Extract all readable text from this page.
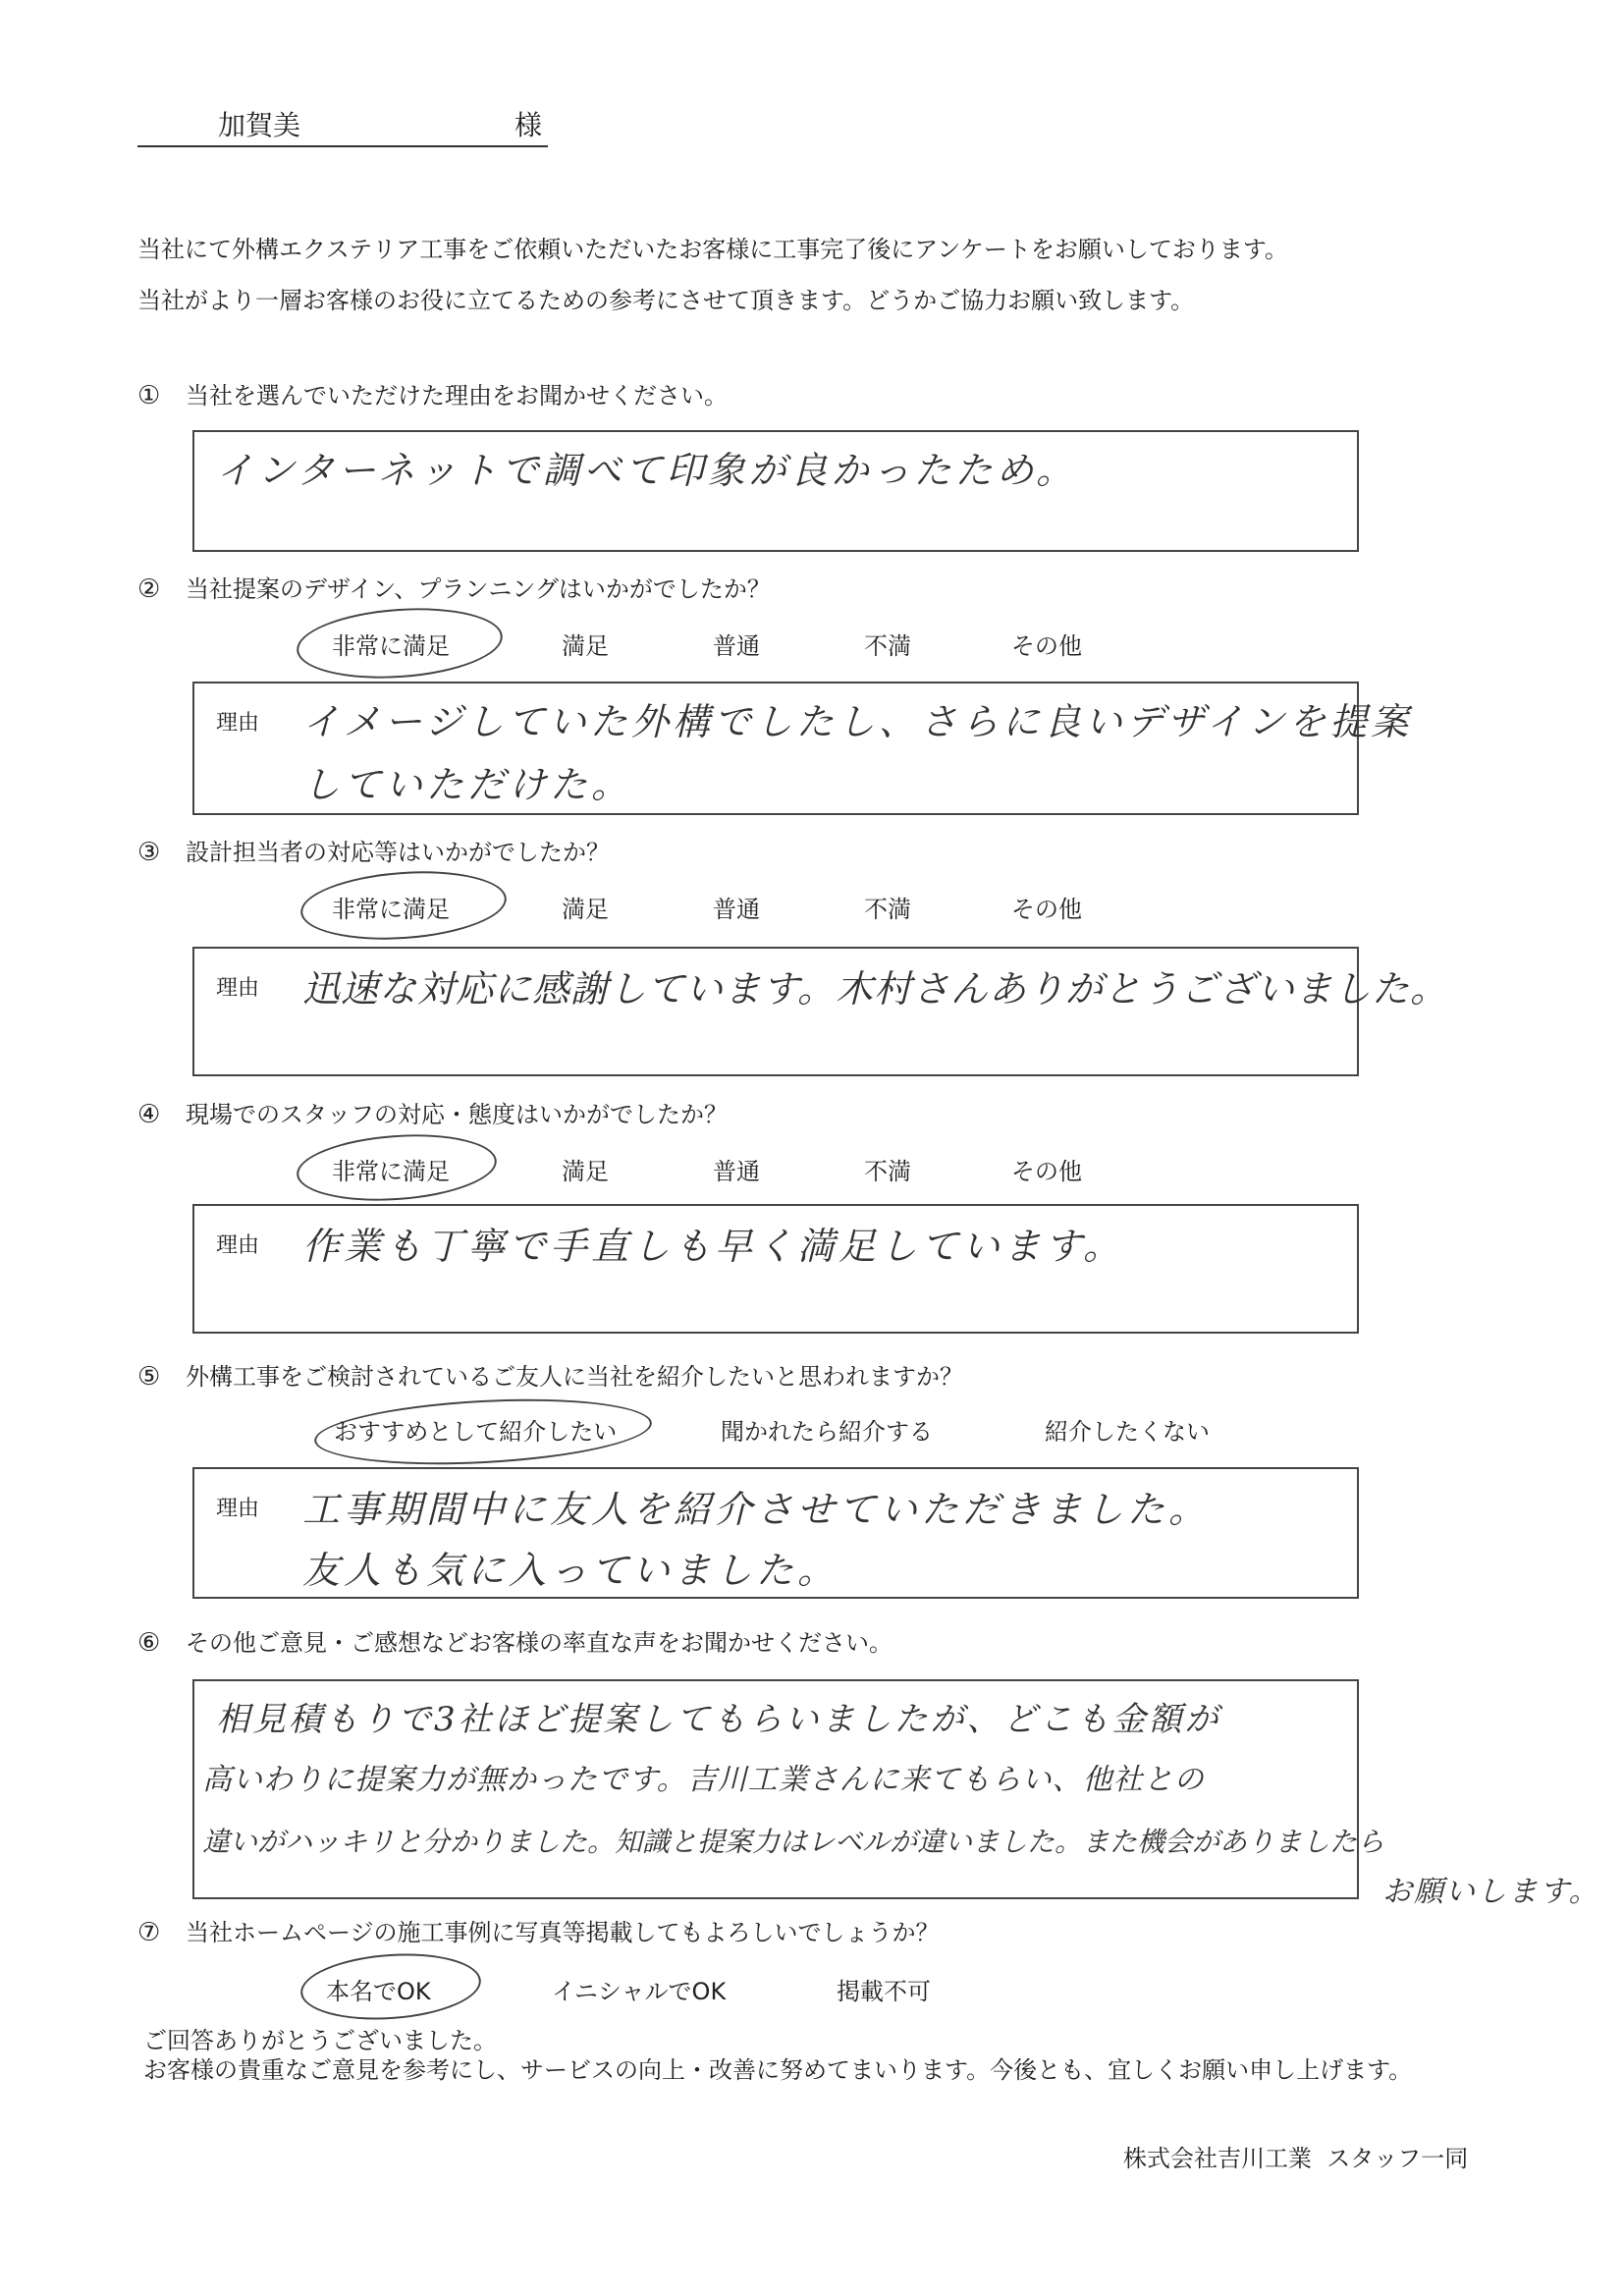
加賀美	様
当社にて外構エクステリア工事をご依頼いただいたお客様に工事完了後にアンケートをお願いしております。
当社がより一層お客様のお役に立てるための参考にさせて頂きます。どうかご協力お願い致します。
① 当社を選んでいただけた理由をお聞かせください。
インターネットで調べて印象が良かったため。
② 当社提案のデザイン、プランニングはいかがでしたか？
非常に満足	満足	普通	不満	その他
理由 イメージしていた外構でしたし、さらに良いデザインを提案
していただけた。
③ 設計担当者の対応等はいかがでしたか？
非常に満足	満足	普通	不満	その他
理由 迅速な対応に感謝しています。木村さんありがとうございました。
④ 現場でのスタッフの対応・態度はいかがでしたか？
非常に満足	満足	普通	不満	その他
作業も丁寧で手直しも早く満足しています。
理由
⑤ 外構工事をご検討されているご友人に当社を紹介したいと思われますか？
おすすめとして紹介したい	聞かれたら紹介する	紹介したくない
理由 工事期間中に友人を紹介させていただきました。
友人も気に入っていました。
⑥ その他ご意見・ご感想などお客様の率直な声をお聞かせください。
相見積もりで3社ほど提案してもらいましたが、どこも金額が
高いわりに提案力が無かったです。吉川工業さんに来てもらい、他社との
違いがハッキリと分かりました。知識と提案力はレベルが違いました。また機会がありましたら
お願いします。
⑦ 当社ホームページの施工事例に写真等掲載してもよろしいでしょうか？
本名でOK	イニシャルでOK	掲載不可
ご回答ありがとうございました。
お客様の貴重なご意見を参考にし、サービスの向上・改善に努めてまいります。今後とも、宜しくお願い申し上げます。
株式会社吉川工業  スタッフ一同
